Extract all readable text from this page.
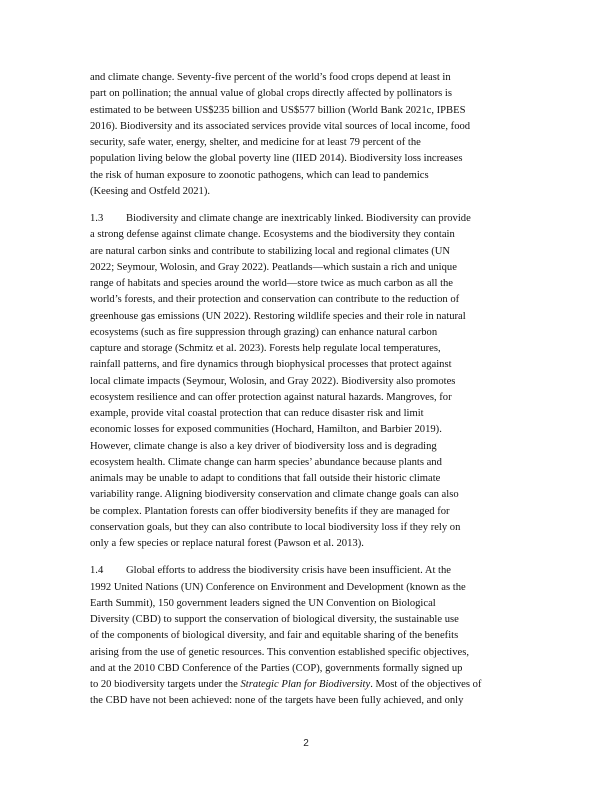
and climate change. Seventy-five percent of the world’s food crops depend at least in
part on pollination; the annual value of global crops directly affected by pollinators is
estimated to be between US$235 billion and US$577 billion (World Bank 2021c, IPBES
2016). Biodiversity and its associated services provide vital sources of local income, food
security, safe water, energy, shelter, and medicine for at least 79 percent of the
population living below the global poverty line (IIED 2014). Biodiversity loss increases
the risk of human exposure to zoonotic pathogens, which can lead to pandemics
(Keesing and Ostfeld 2021).

1.3 Biodiversity and climate change are inextricably linked. Biodiversity can provide
a strong defense against climate change. Ecosystems and the biodiversity they contain
are natural carbon sinks and contribute to stabilizing local and regional climates (UN
2022; Seymour, Wolosin, and Gray 2022). Peatlands—which sustain a rich and unique
range of habitats and species around the world—store twice as much carbon as all the
world’s forests, and their protection and conservation can contribute to the reduction of
greenhouse gas emissions (UN 2022). Restoring wildlife species and their role in natural
ecosystems (such as fire suppression through grazing) can enhance natural carbon
capture and storage (Schmitz et al. 2023). Forests help regulate local temperatures,
rainfall patterns, and fire dynamics through biophysical processes that protect against
local climate impacts (Seymour, Wolosin, and Gray 2022). Biodiversity also promotes
ecosystem resilience and can offer protection against natural hazards. Mangroves, for
example, provide vital coastal protection that can reduce disaster risk and limit
economic losses for exposed communities (Hochard, Hamilton, and Barbier 2019).
However, climate change is also a key driver of biodiversity loss and is degrading
ecosystem health. Climate change can harm species’ abundance because plants and
animals may be unable to adapt to conditions that fall outside their historic climate
variability range. Aligning biodiversity conservation and climate change goals can also
be complex. Plantation forests can offer biodiversity benefits if they are managed for
conservation goals, but they can also contribute to local biodiversity loss if they rely on
only a few species or replace natural forest (Pawson et al. 2013).

1.4 Global efforts to address the biodiversity crisis have been insufficient. At the
1992 United Nations (UN) Conference on Environment and Development (known as the
Earth Summit), 150 government leaders signed the UN Convention on Biological
Diversity (CBD) to support the conservation of biological diversity, the sustainable use
of the components of biological diversity, and fair and equitable sharing of the benefits
arising from the use of genetic resources. This convention established specific objectives,
and at the 2010 CBD Conference of the Parties (COP), governments formally signed up
to 20 biodiversity targets under the Strategic Plan for Biodiversity. Most of the objectives of
the CBD have not been achieved: none of the targets have been fully achieved, and only

2
